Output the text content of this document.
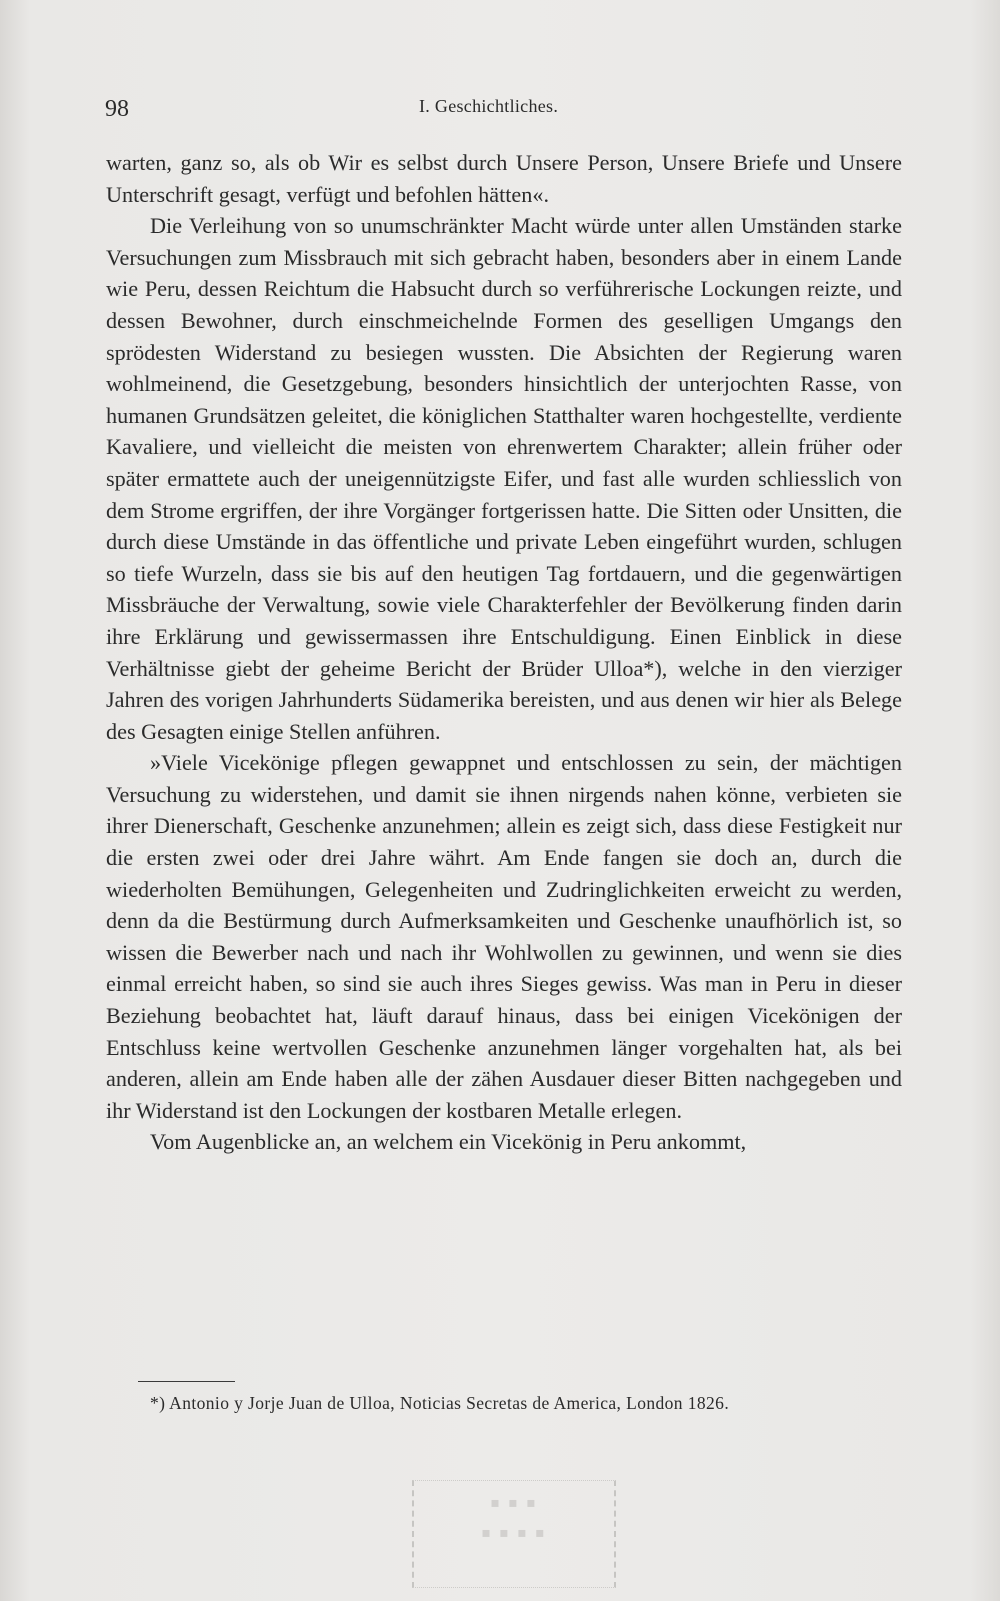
98	I. Geschichtliches.

warten, ganz so, als ob Wir es selbst durch Unsere Person, Unsere Briefe und Unsere Unterschrift gesagt, verfügt und befohlen hätten«.

Die Verleihung von so unumschränkter Macht würde unter allen Umständen starke Versuchungen zum Missbrauch mit sich gebracht haben, besonders aber in einem Lande wie Peru, dessen Reichtum die Habsucht durch so verführerische Lockungen reizte, und dessen Bewohner, durch einschmeichelnde Formen des geselligen Umgangs den sprödesten Widerstand zu besiegen wussten. Die Absichten der Regierung waren wohlmeinend, die Gesetzgebung, besonders hinsichtlich der unterjochten Rasse, von humanen Grundsätzen geleitet, die königlichen Statthalter waren hochgestellte, verdiente Kavaliere, und vielleicht die meisten von ehrenwertem Charakter; allein früher oder später ermattete auch der uneigennützigste Eifer, und fast alle wurden schliesslich von dem Strome ergriffen, der ihre Vorgänger fortgerissen hatte. Die Sitten oder Unsitten, die durch diese Umstände in das öffentliche und private Leben eingeführt wurden, schlugen so tiefe Wurzeln, dass sie bis auf den heutigen Tag fortdauern, und die gegenwärtigen Missbräuche der Verwaltung, sowie viele Charakterfehler der Bevölkerung finden darin ihre Erklärung und gewissermassen ihre Entschuldigung. Einen Einblick in diese Verhältnisse giebt der geheime Bericht der Brüder Ulloa*), welche in den vierziger Jahren des vorigen Jahrhunderts Südamerika bereisten, und aus denen wir hier als Belege des Gesagten einige Stellen anführen.

»Viele Vicekönige pflegen gewappnet und entschlossen zu sein, der mächtigen Versuchung zu widerstehen, und damit sie ihnen nirgends nahen könne, verbieten sie ihrer Dienerschaft, Geschenke anzunehmen; allein es zeigt sich, dass diese Festigkeit nur die ersten zwei oder drei Jahre währt. Am Ende fangen sie doch an, durch die wiederholten Bemühungen, Gelegenheiten und Zudringlichkeiten erweicht zu werden, denn da die Bestürmung durch Aufmerksamkeiten und Geschenke unaufhörlich ist, so wissen die Bewerber nach und nach ihr Wohlwollen zu gewinnen, und wenn sie dies einmal erreicht haben, so sind sie auch ihres Sieges gewiss. Was man in Peru in dieser Beziehung beobachtet hat, läuft darauf hinaus, dass bei einigen Vicekönigen der Entschluss keine wertvollen Geschenke anzunehmen länger vorgehalten hat, als bei anderen, allein am Ende haben alle der zähen Ausdauer dieser Bitten nachgegeben und ihr Widerstand ist den Lockungen der kostbaren Metalle erlegen.

Vom Augenblicke an, an welchem ein Vicekönig in Peru ankommt,

*) Antonio y Jorje Juan de Ulloa, Noticias Secretas de America, London 1826.
▪ ▪ ▪
▪ ▪ ▪ ▪
